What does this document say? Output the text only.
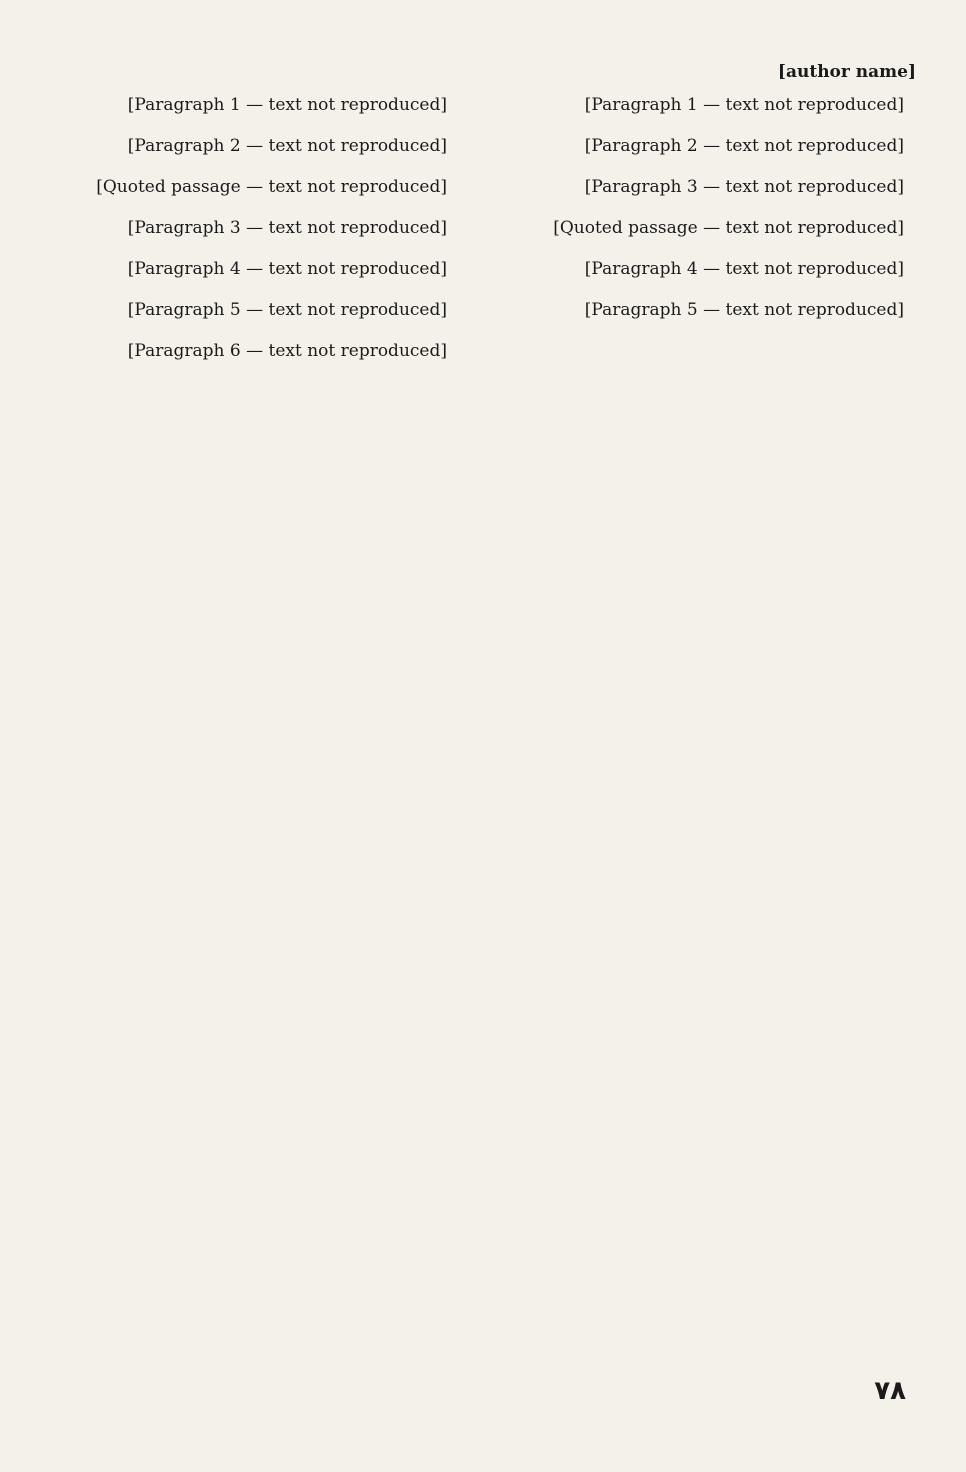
[author name]

[Paragraph 1 — text not reproduced]

[Paragraph 2 — text not reproduced]

[Quoted passage — text not reproduced]

[Paragraph 3 — text not reproduced]

[Paragraph 4 — text not reproduced]

[Paragraph 5 — text not reproduced]

[Paragraph 6 — text not reproduced]

[Paragraph 1 — text not reproduced]

[Paragraph 2 — text not reproduced]

[Paragraph 3 — text not reproduced]

[Quoted passage — text not reproduced]

[Paragraph 4 — text not reproduced]

[Paragraph 5 — text not reproduced]

٧٨
